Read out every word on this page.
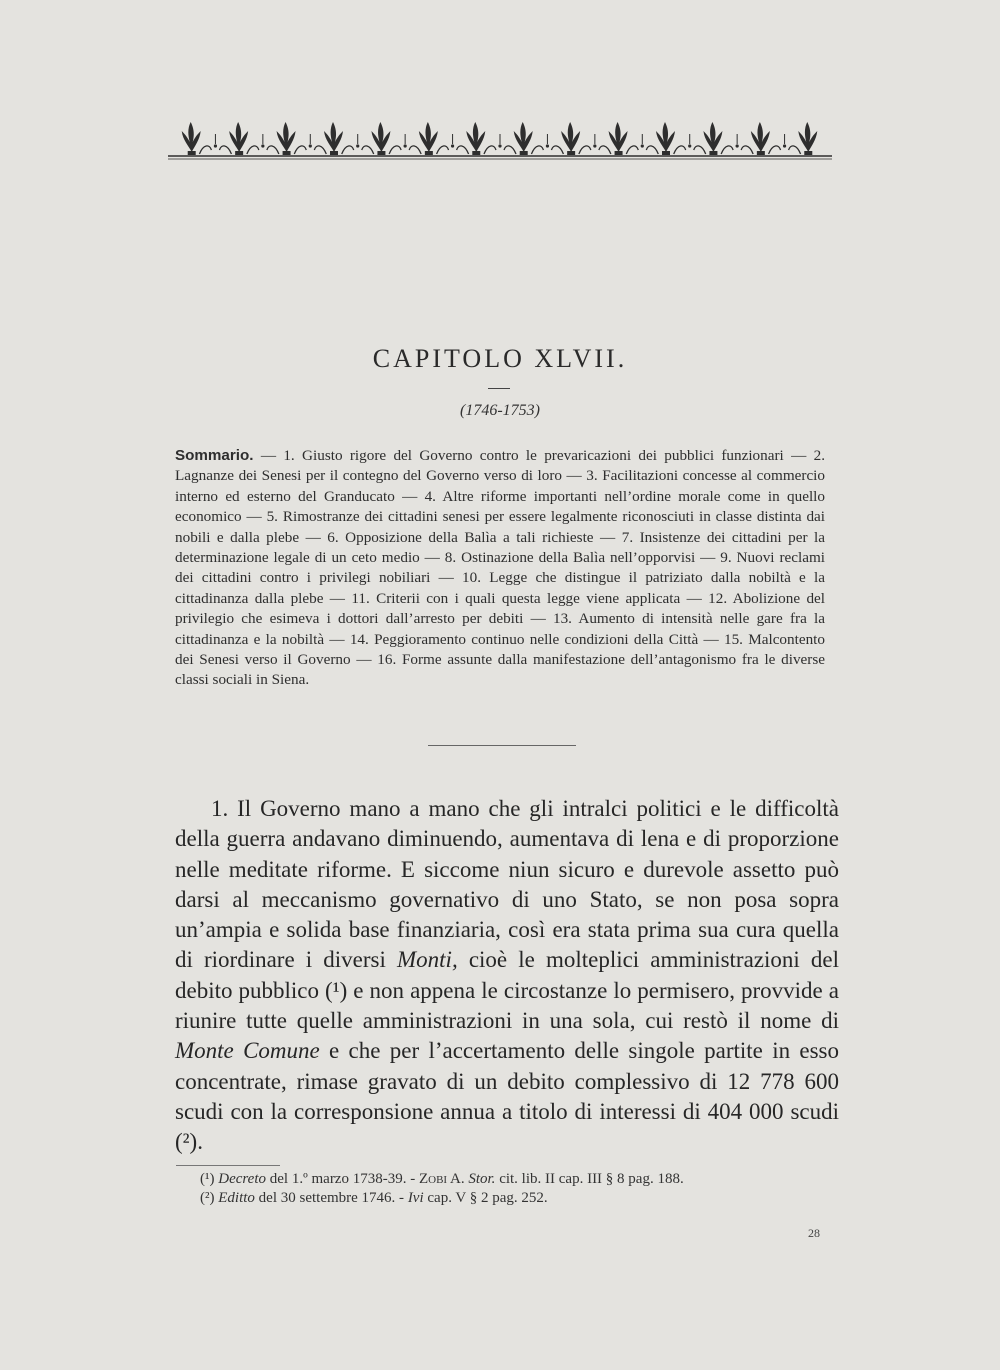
CAPITOLO XLVII.
(1746-1753)
Sommario. — 1. Giusto rigore del Governo contro le prevaricazioni dei pubblici funzionari — 2. Lagnanze dei Senesi per il contegno del Governo verso di loro — 3. Facilitazioni concesse al commercio interno ed esterno del Granducato — 4. Altre riforme importanti nell’ordine morale come in quello economico — 5. Rimostranze dei cittadini senesi per essere legalmente riconosciuti in classe distinta dai nobili e dalla plebe — 6. Opposizione della Balìa a tali richieste — 7. Insistenze dei cittadini per la determinazione legale di un ceto medio — 8. Ostinazione della Balìa nell’opporvisi — 9. Nuovi reclami dei cittadini contro i privilegi nobiliari — 10. Legge che distingue il patriziato dalla nobiltà e la cittadinanza dalla plebe — 11. Criterii con i quali questa legge viene applicata — 12. Abolizione del privilegio che esimeva i dottori dall’arresto per debiti — 13. Aumento di intensità nelle gare fra la cittadinanza e la nobiltà — 14. Peggioramento continuo nelle condizioni della Città — 15. Malcontento dei Senesi verso il Governo — 16. Forme assunte dalla manifestazione dell’antagonismo fra le diverse classi sociali in Siena.

1. Il Governo mano a mano che gli intralci politici e le difficoltà della guerra andavano diminuendo, aumentava di lena e di proporzione nelle meditate riforme. E siccome niun sicuro e durevole assetto può darsi al meccanismo governativo di uno Stato, se non posa sopra un’ampia e solida base finanziaria, così era stata prima sua cura quella di riordinare i diversi Monti, cioè le molteplici amministrazioni del debito pubblico (¹) e non appena le circostanze lo permisero, provvide a riunire tutte quelle amministrazioni in una sola, cui restò il nome di Monte Comune e che per l’accertamento delle singole partite in esso concentrate, rimase gravato di un debito complessivo di 12 778 600 scudi con la corresponsione annua a titolo di interessi di 404 000 scudi (²).

(¹) Decreto del 1.º marzo 1738-39. - Zobi A. Stor. cit. lib. II cap. III § 8 pag. 188.
(²) Editto del 30 settembre 1746. - Ivi cap. V § 2 pag. 252.
28
